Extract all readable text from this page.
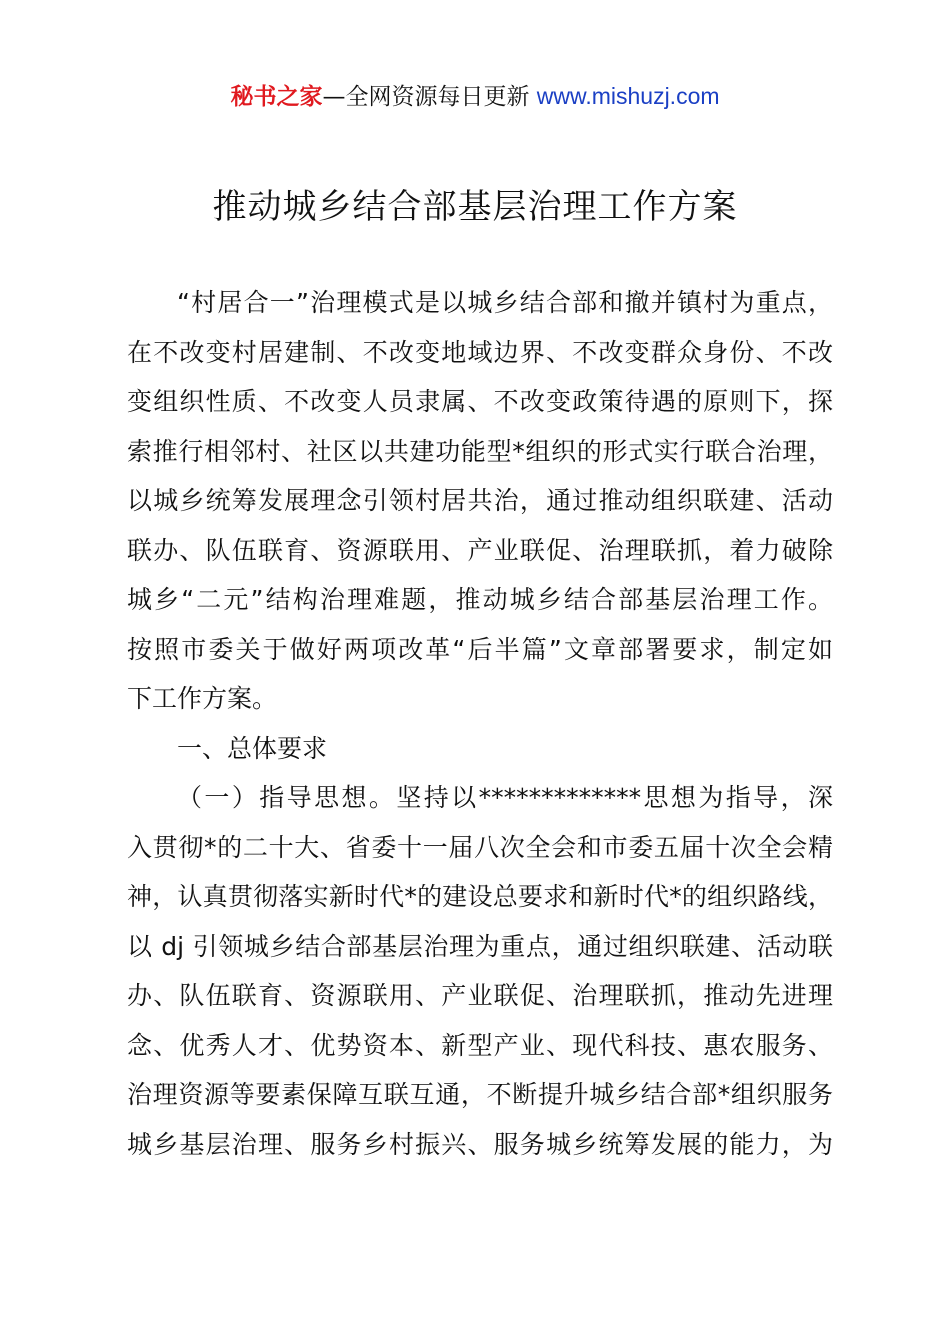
秘书之家—全网资源每日更新 www.mishuzj.com
推动城乡结合部基层治理工作方案
“村居合一”治理模式是以城乡结合部和撤并镇村为重点，
在不改变村居建制、不改变地域边界、不改变群众身份、不改
变组织性质、不改变人员隶属、不改变政策待遇的原则下，探
索推行相邻村、社区以共建功能型*组织的形式实行联合治理，
以城乡统筹发展理念引领村居共治，通过推动组织联建、活动
联办、队伍联育、资源联用、产业联促、治理联抓，着力破除
城乡“二元”结构治理难题，推动城乡结合部基层治理工作。
按照市委关于做好两项改革“后半篇”文章部署要求，制定如
下工作方案。
一、总体要求
（一）指导思想。坚持以*************思想为指导，深
入贯彻*的二十大、省委十一届八次全会和市委五届十次全会精
神，认真贯彻落实新时代*的建设总要求和新时代*的组织路线，
以 dj 引领城乡结合部基层治理为重点，通过组织联建、活动联
办、队伍联育、资源联用、产业联促、治理联抓，推动先进理
念、优秀人才、优势资本、新型产业、现代科技、惠农服务、
治理资源等要素保障互联互通，不断提升城乡结合部*组织服务
城乡基层治理、服务乡村振兴、服务城乡统筹发展的能力，为
